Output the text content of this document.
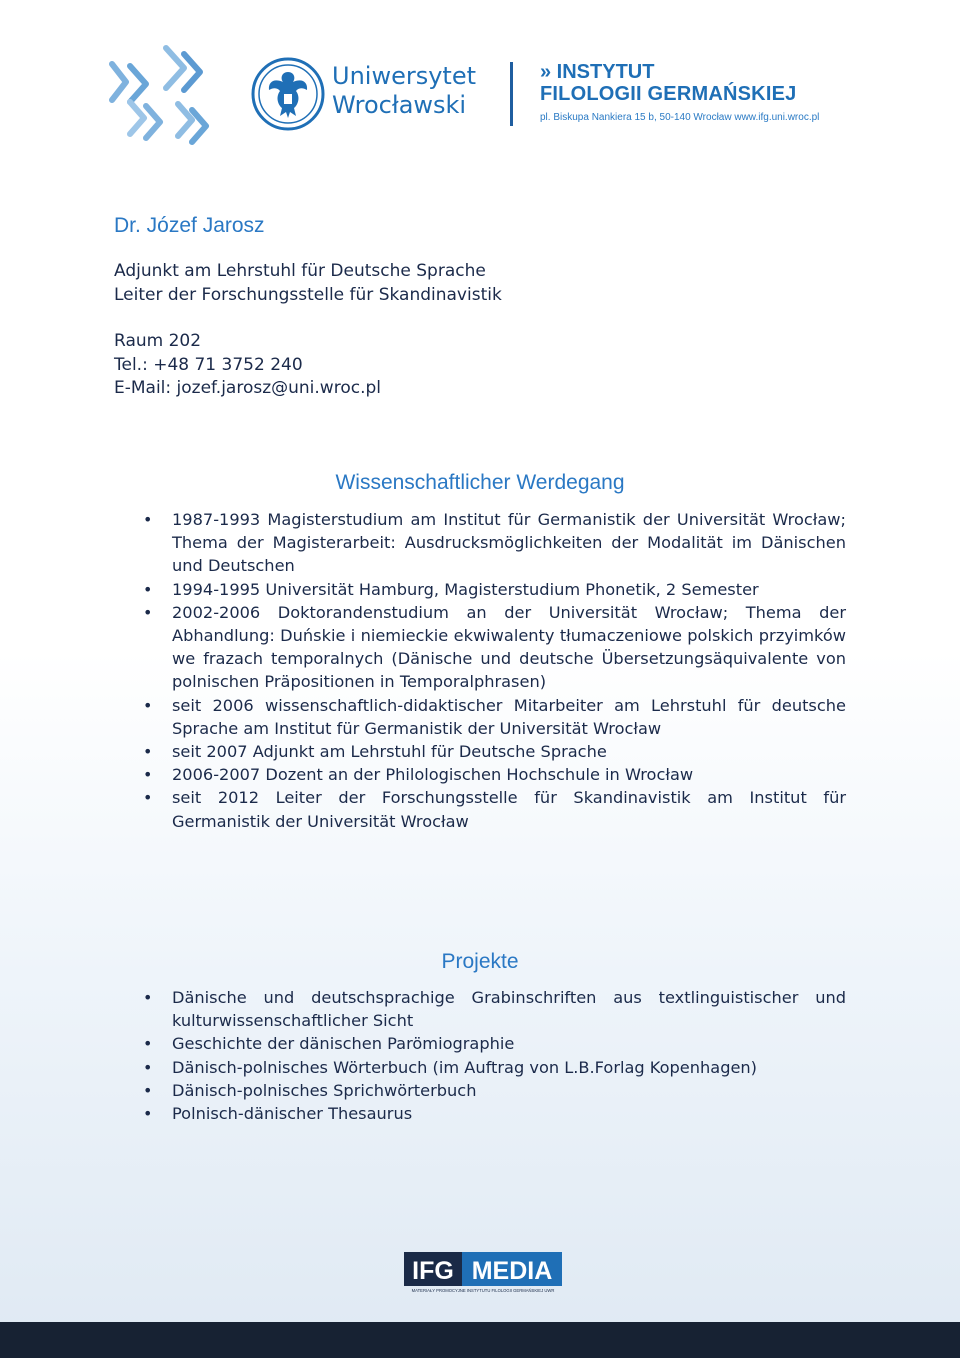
Uniwersytet
Wrocławski
» INSTYTUT
FILOLOGII GERMAŃSKIEJ
pl. Biskupa Nankiera 15 b, 50-140 Wrocław www.ifg.uni.wroc.pl
Dr. Józef Jarosz
Adjunkt am Lehrstuhl für Deutsche Sprache
Leiter der Forschungsstelle für Skandinavistik
Raum 202
Tel.: +48 71 3752 240
E-Mail: jozef.jarosz@uni.wroc.pl
Wissenschaftlicher Werdegang
• 1987-1993 Magisterstudium am Institut für Germanistik der Universität Wrocław; Thema der Magisterarbeit: Ausdrucksmöglichkeiten der Modalität im Dänischen und Deutschen
• 1994-1995 Universität Hamburg, Magisterstudium Phonetik, 2 Semester
• 2002-2006 Doktorandenstudium an der Universität Wrocław; Thema der Abhandlung: Duńskie i niemieckie ekwiwalenty tłumaczeniowe polskich przyimków we frazach temporalnych (Dänische und deutsche Übersetzungsäquivalente von polnischen Präpositionen in Temporalphrasen)
• seit 2006 wissenschaftlich-didaktischer Mitarbeiter am Lehrstuhl für deutsche Sprache am Institut für Germanistik der Universität Wrocław
• seit 2007 Adjunkt am Lehrstuhl für Deutsche Sprache
• 2006-2007 Dozent an der Philologischen Hochschule in Wrocław
• seit 2012 Leiter der Forschungsstelle für Skandinavistik am Institut für Germanistik der Universität Wrocław
Projekte
• Dänische und deutschsprachige Grabinschriften aus textlinguistischer und kulturwissenschaftlicher Sicht
• Geschichte der dänischen Parömiographie
• Dänisch-polnisches Wörterbuch (im Auftrag von L.B.Forlag Kopenhagen)
• Dänisch-polnisches Sprichwörterbuch
• Polnisch-dänischer Thesaurus
IFG MEDIA
MATERIAŁY PROMOCYJNE INSTYTUTU FILOLOGII GERMAŃSKIEJ UWR
